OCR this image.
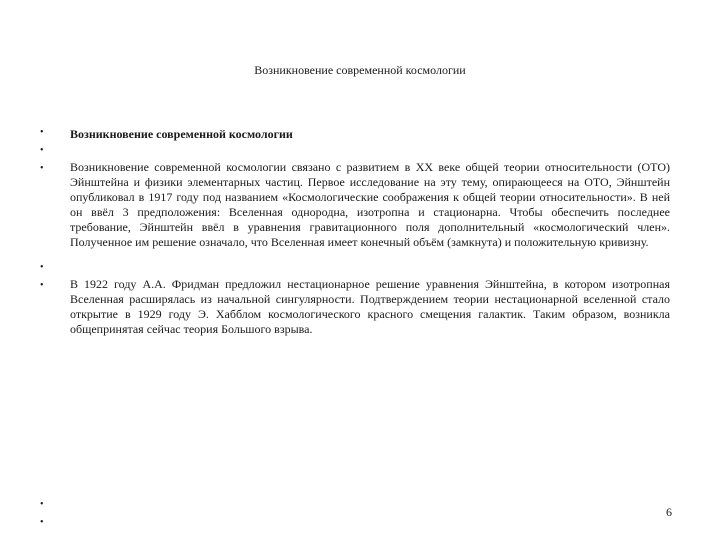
Возникновение современной космологии
•
•
•
•
•
•
•
Возникновение современной космологии
Возникновение современной космологии связано с развитием в XX веке общей теории относительности (ОТО) Эйнштейна и физики элементарных частиц. Первое исследование на эту тему, опирающееся на ОТО, Эйнштейн опубликовал в 1917 году под названием «Космологические соображения к общей теории относительности». В ней он ввёл 3 предположения: Вселенная однородна, изотропна и стационарна. Чтобы обеспечить последнее требование, Эйнштейн ввёл в уравнения гравитационного поля дополнительный «космологический член». Полученное им решение означало, что Вселенная имеет конечный объём (замкнута) и положительную кривизну.
В 1922 году А.А. Фридман предложил нестационарное решение уравнения Эйнштейна, в котором изотропная Вселенная расширялась из начальной сингулярности. Подтверждением теории нестационарной вселенной стало открытие в 1929 году Э. Хабблом космологического красного смещения галактик. Таким образом, возникла общепринятая сейчас теория Большого взрыва.
6
